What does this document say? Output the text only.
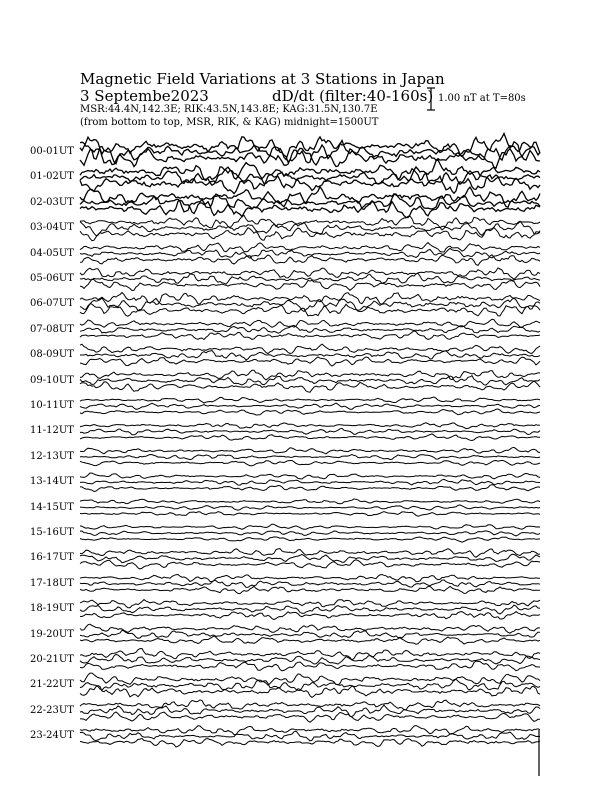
Magnetic Field Variations at 3 Stations in Japan
3 Septembe2023	dD/dt (filter:40-160s)
MSR:44.4N,142.3E; RIK:43.5N,143.8E; KAG:31.5N,130.7E
(from bottom to top, MSR, RIK, & KAG) midnight=1500UT
1.00 nT at T=80s
00-01UT
01-02UT
02-03UT
03-04UT
04-05UT
05-06UT
06-07UT
07-08UT
08-09UT
09-10UT
10-11UT
11-12UT
12-13UT
13-14UT
14-15UT
15-16UT
16-17UT
17-18UT
18-19UT
19-20UT
20-21UT
21-22UT
22-23UT
23-24UT
